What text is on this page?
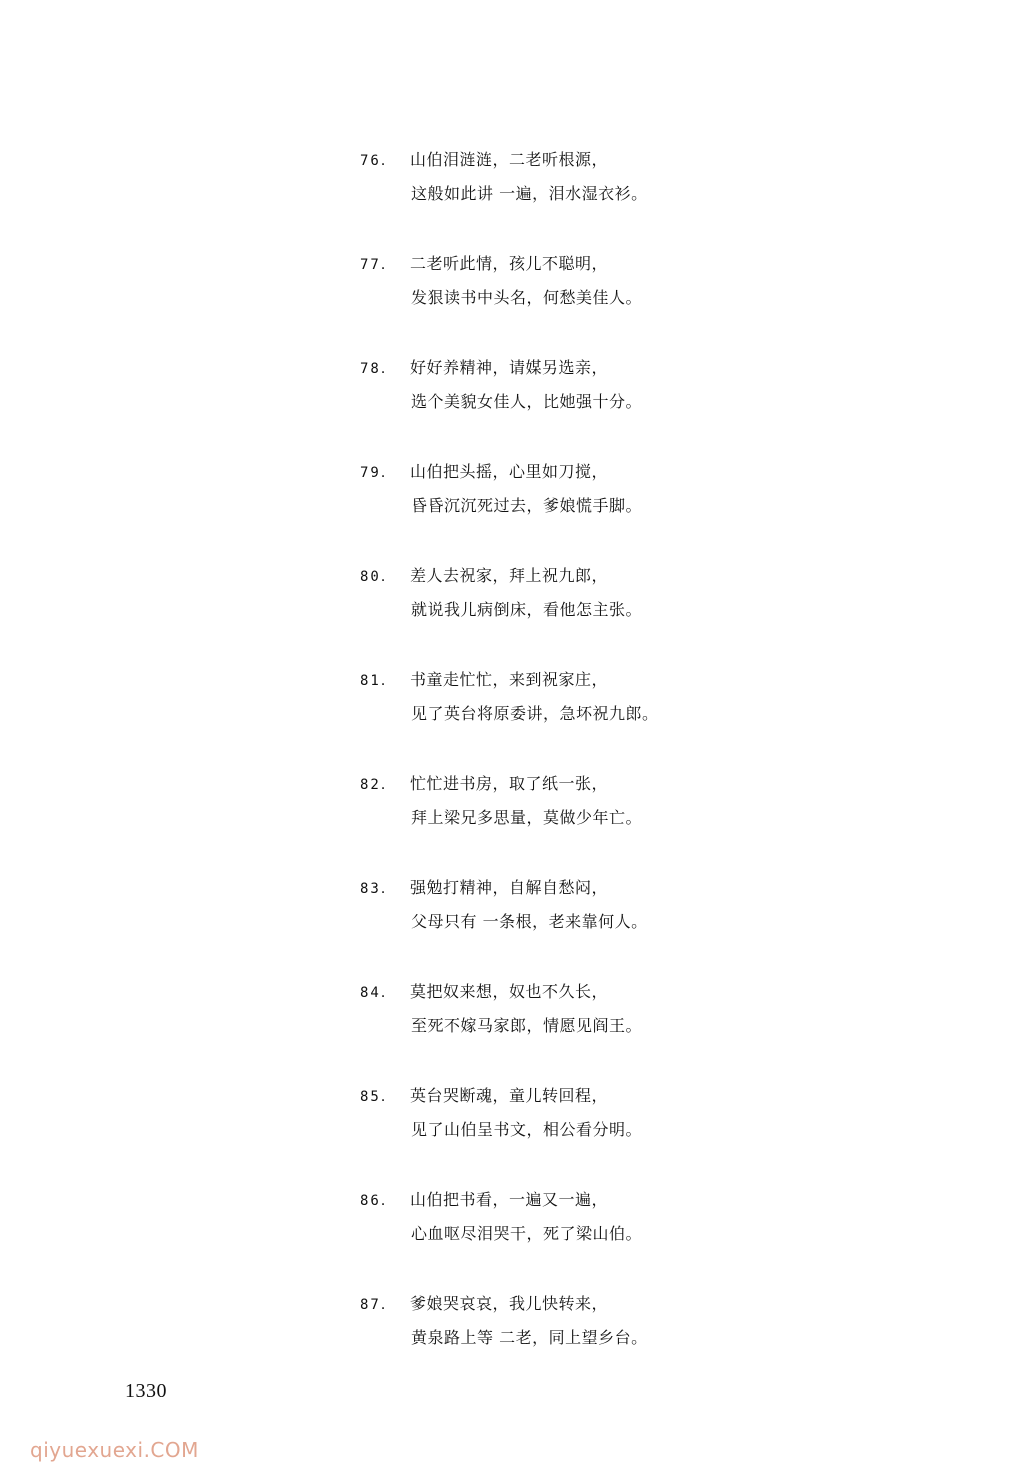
76． 山伯泪涟涟，二老听根源，
这般如此讲 一遍，泪水湿衣衫。
77． 二老听此情，孩儿不聪明，
发狠读书中头名，何愁美佳人。
78． 好好养精神，请媒另选亲，
选个美貌女佳人，比她强十分。
79． 山伯把头摇，心里如刀搅，
昏昏沉沉死过去，爹娘慌手脚。
80． 差人去祝家，拜上祝九郎，
就说我儿病倒床，看他怎主张。
81． 书童走忙忙，来到祝家庄，
见了英台将原委讲，急坏祝九郎。
82． 忙忙进书房，取了纸一张，
拜上梁兄多思量，莫做少年亡。
83． 强勉打精神，自解自愁闷，
父母只有 一条根，老来靠何人。
84． 莫把奴来想，奴也不久长，
至死不嫁马家郎，情愿见阎王。
85． 英台哭断魂，童儿转回程，
见了山伯呈书文，相公看分明。
86． 山伯把书看，一遍又一遍，
心血呕尽泪哭干，死了梁山伯。
87． 爹娘哭哀哀，我儿快转来，
黄泉路上等 二老，同上望乡台。
1330
qiyuexuexi.COM
